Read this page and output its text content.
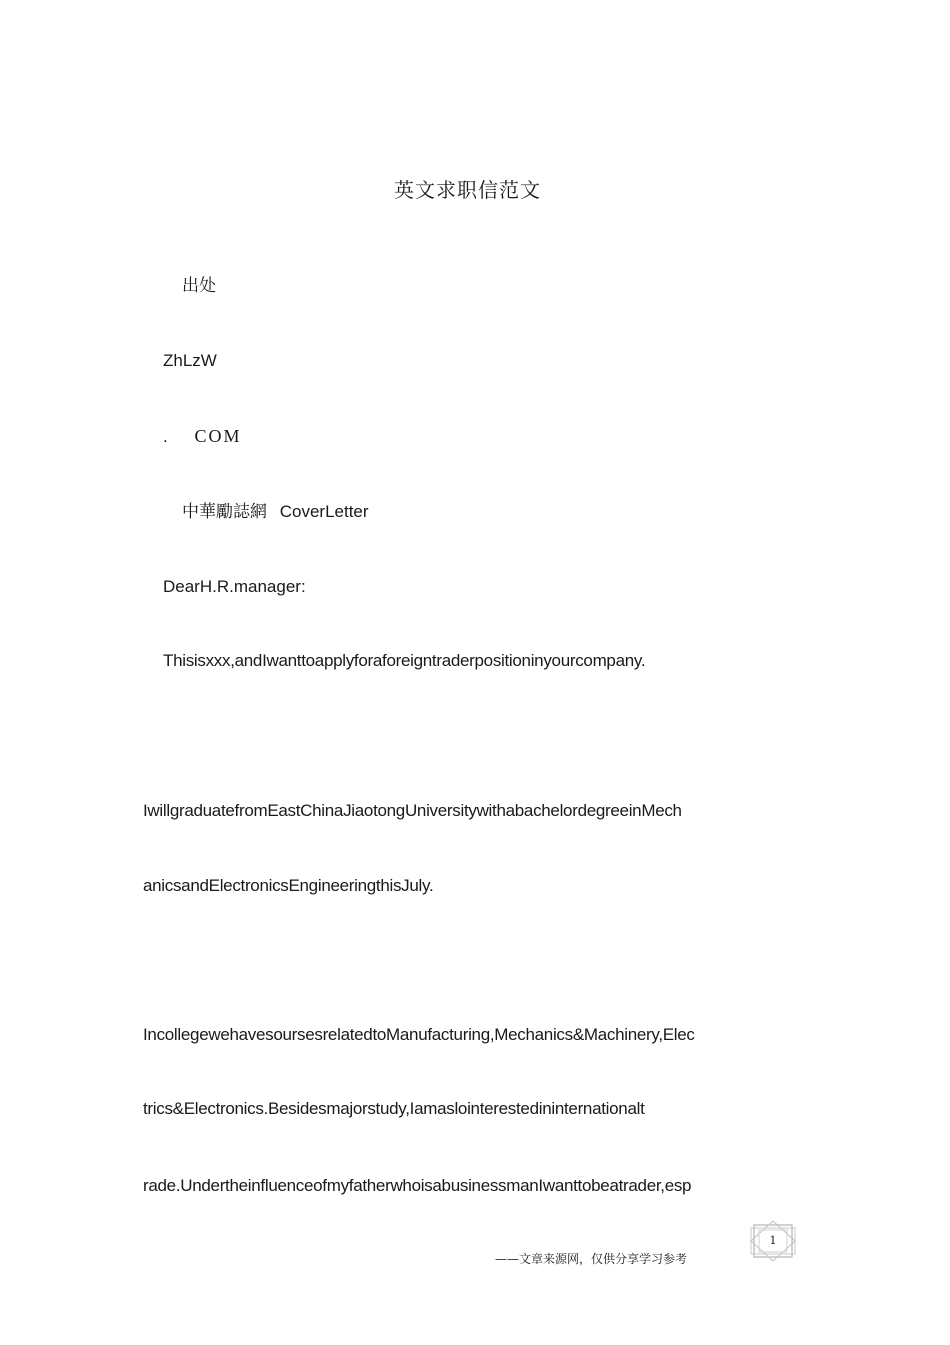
英文求职信范文
出处
ZhLzW
. COM
中華勵誌網 CoverLetter
DearH.R.manager:
Thisisxxx,andIwanttoapplyforaforeigntraderpositioninyourcompany.
IwillgraduatefromEastChinaJiaotongUniversitywithabachelordegreeinMech
anicsandElectronicsEngineeringthisJuly.
IncollegewehavesoursesrelatedtoManufacturing,Mechanics&Machinery,Elec
trics&Electronics.Besidesmajorstudy,Iamaslointerestedininternationalt
rade.UndertheinfluenceofmyfatherwhoisabusinessmanIwanttobeatrader,esp
1
——文章来源网，仅供分享学习参考
